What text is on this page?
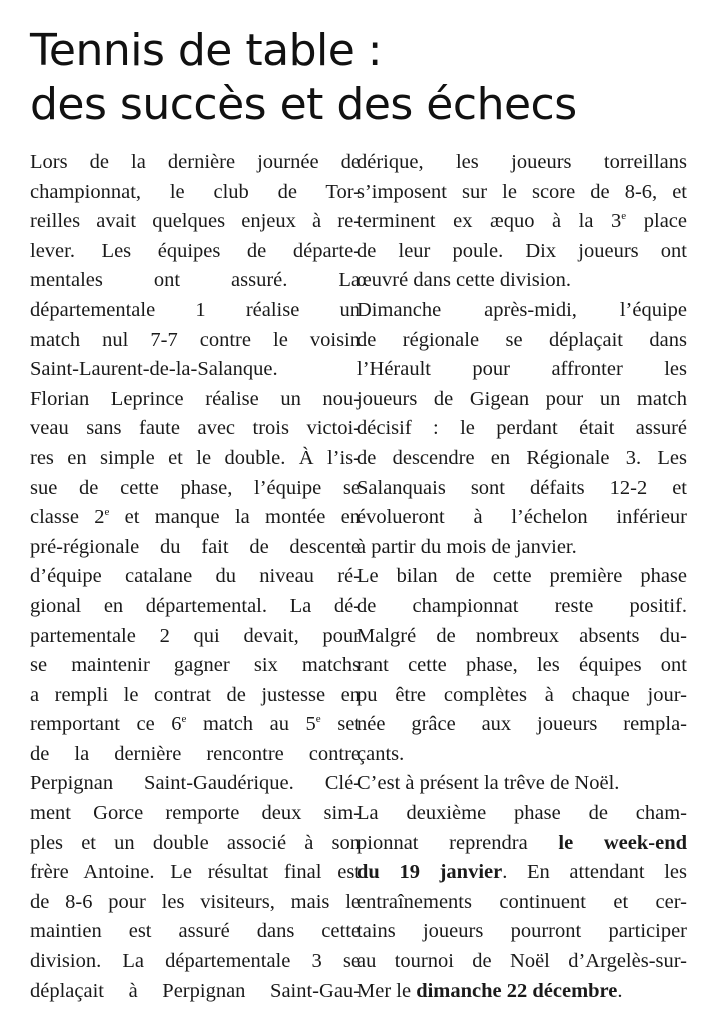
Tennis de table :
des succès et des échecs
Lors de la dernière journée de
championnat, le club de Tor-
reilles avait quelques enjeux à re-
lever. Les équipes de départe-
mentales ont assuré. La
départementale 1 réalise un
match nul 7-7 contre le voisin
Saint-Laurent-de-la-Salanque.
Florian Leprince réalise un nou-
veau sans faute avec trois victoi-
res en simple et le double. À l’is-
sue de cette phase, l’équipe se
classe 2e et manque la montée en
pré-régionale du fait de descente
d’équipe catalane du niveau ré-
gional en départemental. La dé-
partementale 2 qui devait, pour
se maintenir gagner six matchs
a rempli le contrat de justesse en
remportant ce 6e match au 5e set
de la dernière rencontre contre
Perpignan Saint-Gaudérique. Clé-
ment Gorce remporte deux sim-
ples et un double associé à son
frère Antoine. Le résultat final est
de 8-6 pour les visiteurs, mais le
maintien est assuré dans cette
division. La départementale 3 se
déplaçait à Perpignan Saint-Gau-
dérique, les joueurs torreillans
s’imposent sur le score de 8-6, et
terminent ex æquo à la 3e place
de leur poule. Dix joueurs ont
œuvré dans cette division.
Dimanche après-midi, l’équipe
de régionale se déplaçait dans
l’Hérault pour affronter les
joueurs de Gigean pour un match
décisif : le perdant était assuré
de descendre en Régionale 3. Les
Salanquais sont défaits 12-2 et
évolueront à l’échelon inférieur
à partir du mois de janvier.
Le bilan de cette première phase
de championnat reste positif.
Malgré de nombreux absents du-
rant cette phase, les équipes ont
pu être complètes à chaque jour-
née grâce aux joueurs rempla-
çants.
C’est à présent la trêve de Noël.
La deuxième phase de cham-
pionnat reprendra le week-end
du 19 janvier. En attendant les
entraînements continuent et cer-
tains joueurs pourront participer
au tournoi de Noël d’Argelès-sur-
Mer le dimanche 22 décembre.
